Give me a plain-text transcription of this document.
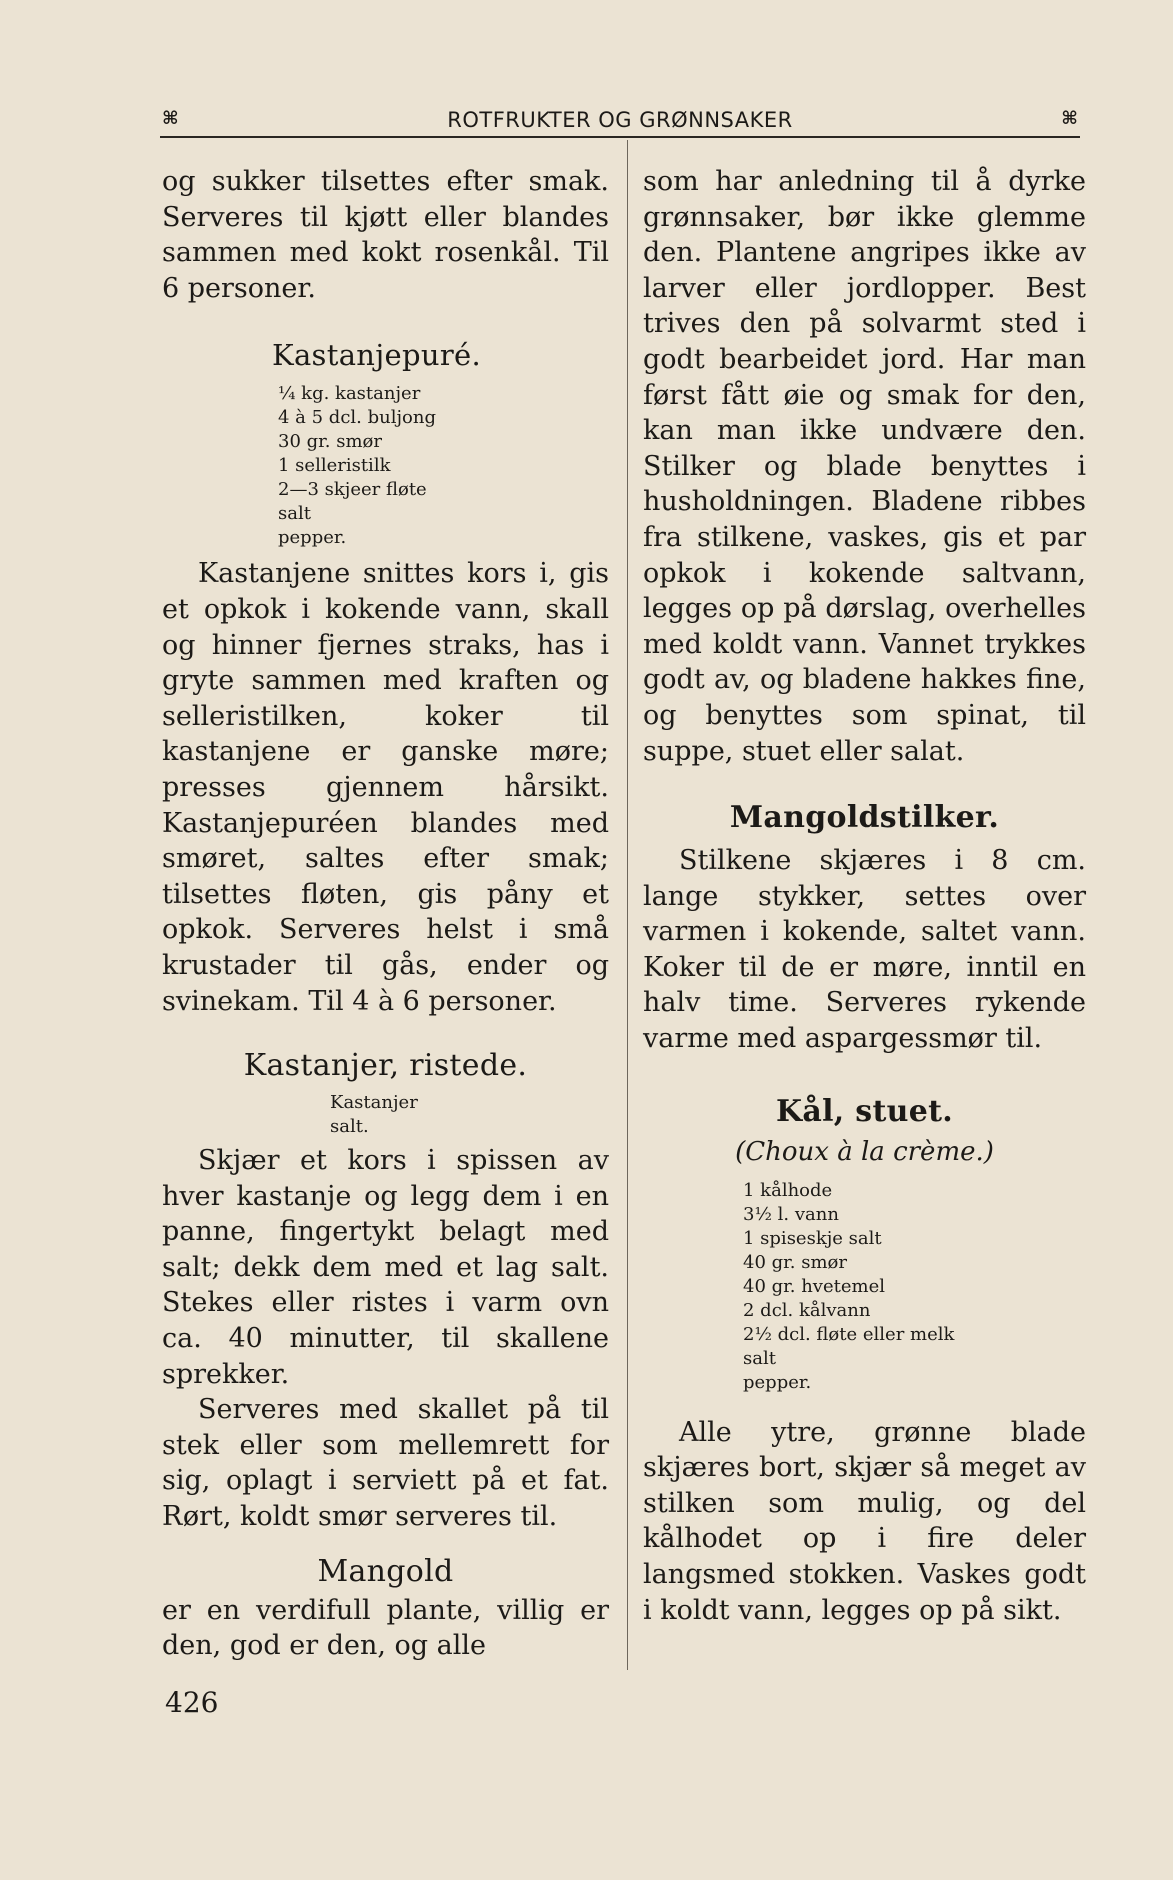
⌘	ROTFRUKTER OG GRØNNSAKER	⌘

og sukker tilsettes efter smak. Serveres til kjøtt eller blandes sammen med kokt rosenkål. Til 6 personer.

Kastanjepuré.
¼ kg. kastanjer
4 à 5 dcl. buljong
30 gr. smør
1 selleristilk
2—3 skjeer fløte
salt
pepper.

Kastanjene snittes kors i, gis et opkok i kokende vann, skall og hinner fjernes straks, has i gryte sammen med kraften og selleristilken, koker til kastanjene er ganske møre; presses gjennem hårsikt. Kastanjepuréen blandes med smøret, saltes efter smak; tilsettes fløten, gis påny et opkok. Serveres helst i små krustader til gås, ender og svinekam. Til 4 à 6 personer.

Kastanjer, ristede.
Kastanjer
salt.

Skjær et kors i spissen av hver kastanje og legg dem i en panne, fingertykt belagt med salt; dekk dem med et lag salt. Stekes eller ristes i varm ovn ca. 40 minutter, til skallene sprekker.

Serveres med skallet på til stek eller som mellemrett for sig, oplagt i serviett på et fat. Rørt, koldt smør serveres til.

Mangold

er en verdifull plante, villig er den, god er den, og alle

som har anledning til å dyrke grønnsaker, bør ikke glemme den. Plantene angripes ikke av larver eller jordlopper. Best trives den på solvarmt sted i godt bearbeidet jord. Har man først fått øie og smak for den, kan man ikke undvære den. Stilker og blade benyttes i husholdningen. Bladene ribbes fra stilkene, vaskes, gis et par opkok i kokende saltvann, legges op på dørslag, overhelles med koldt vann. Vannet trykkes godt av, og bladene hakkes fine, og benyttes som spinat, til suppe, stuet eller salat.

Mangoldstilker.

Stilkene skjæres i 8 cm. lange stykker, settes over varmen i kokende, saltet vann. Koker til de er møre, inntil en halv time. Serveres rykende varme med aspargessmør til.

Kål, stuet.

(Choux à la crème.)

1 kålhode
3½ l. vann
1 spiseskje salt
40 gr. smør
40 gr. hvetemel
2 dcl. kålvann
2½ dcl. fløte eller melk
salt
pepper.

Alle ytre, grønne blade skjæres bort, skjær så meget av stilken som mulig, og del kålhodet op i fire deler langsmed stokken. Vaskes godt i koldt vann, legges op på sikt.

426
